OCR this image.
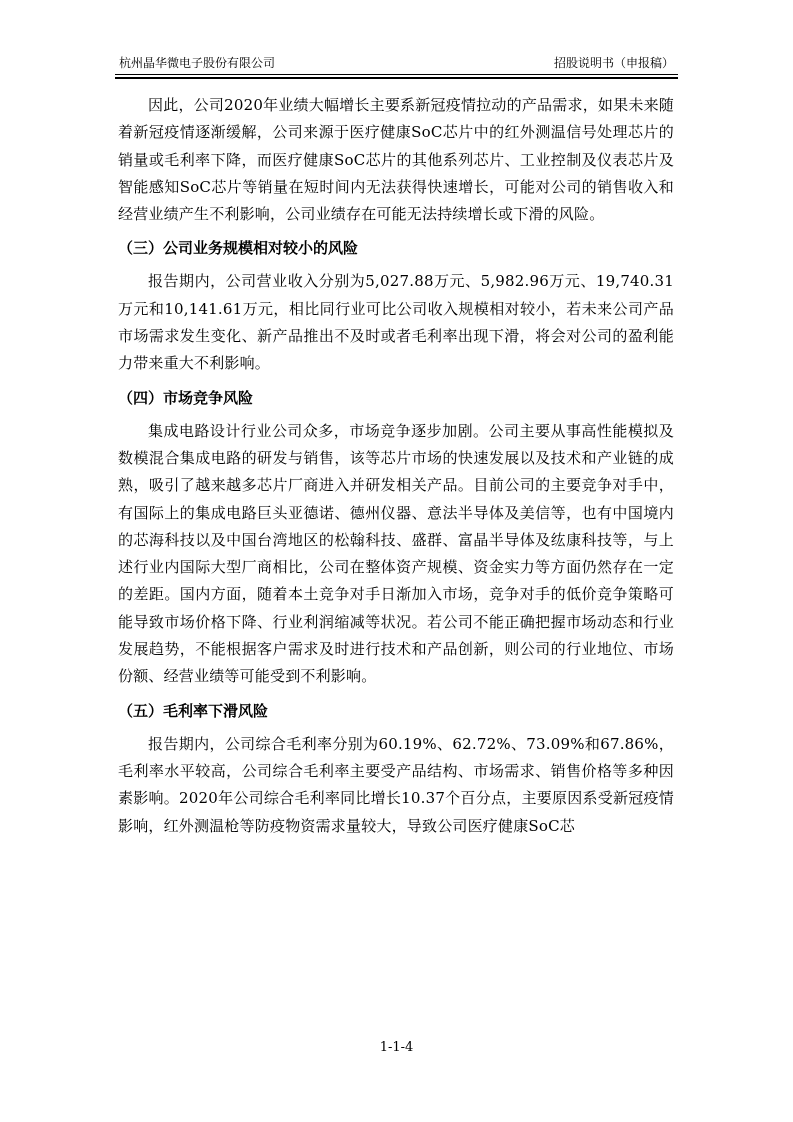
杭州晶华微电子股份有限公司	招股说明书（申报稿）

因此，公司2020年业绩大幅增长主要系新冠疫情拉动的产品需求，如果未来随着新冠疫情逐渐缓解，公司来源于医疗健康SoC芯片中的红外测温信号处理芯片的销量或毛利率下降，而医疗健康SoC芯片的其他系列芯片、工业控制及仪表芯片及智能感知SoC芯片等销量在短时间内无法获得快速增长，可能对公司的销售收入和经营业绩产生不利影响，公司业绩存在可能无法持续增长或下滑的风险。

（三）公司业务规模相对较小的风险

报告期内，公司营业收入分别为5,027.88万元、5,982.96万元、19,740.31万元和10,141.61万元，相比同行业可比公司收入规模相对较小，若未来公司产品市场需求发生变化、新产品推出不及时或者毛利率出现下滑，将会对公司的盈利能力带来重大不利影响。

（四）市场竞争风险

集成电路设计行业公司众多，市场竞争逐步加剧。公司主要从事高性能模拟及数模混合集成电路的研发与销售，该等芯片市场的快速发展以及技术和产业链的成熟，吸引了越来越多芯片厂商进入并研发相关产品。目前公司的主要竞争对手中，有国际上的集成电路巨头亚德诺、德州仪器、意法半导体及美信等，也有中国境内的芯海科技以及中国台湾地区的松翰科技、盛群、富晶半导体及纮康科技等，与上述行业内国际大型厂商相比，公司在整体资产规模、资金实力等方面仍然存在一定的差距。国内方面，随着本土竞争对手日渐加入市场，竞争对手的低价竞争策略可能导致市场价格下降、行业利润缩减等状况。若公司不能正确把握市场动态和行业发展趋势，不能根据客户需求及时进行技术和产品创新，则公司的行业地位、市场份额、经营业绩等可能受到不利影响。

（五）毛利率下滑风险

报告期内，公司综合毛利率分别为60.19%、62.72%、73.09%和67.86%，毛利率水平较高，公司综合毛利率主要受产品结构、市场需求、销售价格等多种因素影响。2020年公司综合毛利率同比增长10.37个百分点，主要原因系受新冠疫情影响，红外测温枪等防疫物资需求量较大，导致公司医疗健康SoC芯

1-1-4
